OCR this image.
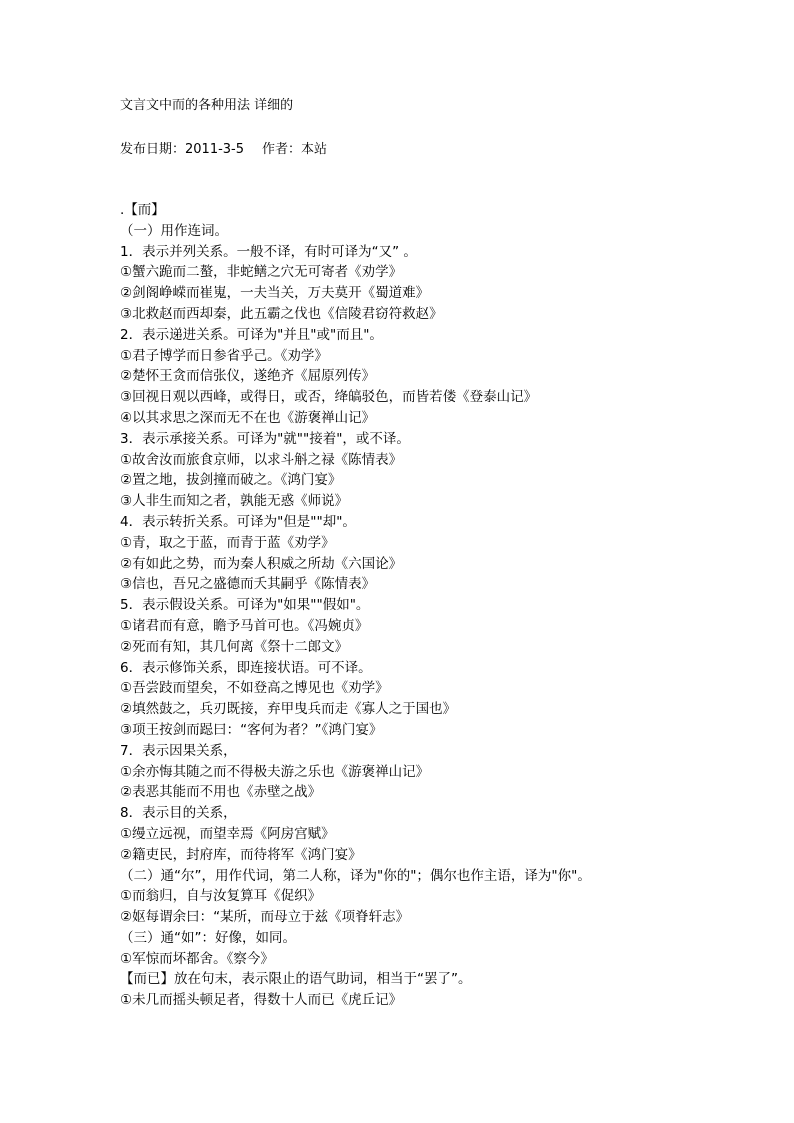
文言文中而的各种用法 详细的
发布日期：2011-3-5 作者：本站
.【而】
（一）用作连词。
1．表示并列关系。一般不译，有时可译为“又” 。
①蟹六跪而二螯，非蛇鳝之穴无可寄者《劝学》
②剑阁峥嵘而崔嵬，一夫当关，万夫莫开《蜀道难》
③北救赵而西却秦，此五霸之伐也《信陵君窃符救赵》
2．表示递进关系。可译为"并且"或"而且"。
①君子博学而日参省乎己。《劝学》
②楚怀王贪而信张仪，遂绝齐《屈原列传》
③回视日观以西峰，或得日，或否，绛皜驳色，而皆若偻《登泰山记》
④以其求思之深而无不在也《游褒禅山记》
3．表示承接关系。可译为"就""接着"，或不译。
①故舍汝而旅食京师，以求斗斛之禄《陈情表》
②置之地，拔剑撞而破之。《鸿门宴》
③人非生而知之者，孰能无惑《师说》
4．表示转折关系。可译为"但是""却"。
①青，取之于蓝，而青于蓝《劝学》
②有如此之势，而为秦人积威之所劫《六国论》
③信也，吾兄之盛德而夭其嗣乎《陈情表》
5．表示假设关系。可译为"如果""假如"。
①诸君而有意，瞻予马首可也。《冯婉贞》
②死而有知，其几何离《祭十二郎文》
6．表示修饰关系，即连接状语。可不译。
①吾尝跂而望矣，不如登高之博见也《劝学》
②填然鼓之，兵刃既接，弃甲曳兵而走《寡人之于国也》
③项王按剑而跽曰：“客何为者？”《鸿门宴》
7．表示因果关系，
①余亦悔其随之而不得极夫游之乐也《游褒禅山记》
②表恶其能而不用也《赤壁之战》
8．表示目的关系，
①缦立远视，而望幸焉《阿房宫赋》
②籍吏民，封府库，而待将军《鸿门宴》
（二）通“尔”，用作代词，第二人称，译为"你的"；偶尔也作主语，译为"你"。
①而翁归，自与汝复算耳《促织》
②妪每谓余曰：“某所，而母立于兹《项脊轩志》
（三）通“如”：好像，如同。
①军惊而坏都舍。《察今》
【而已】放在句末，表示限止的语气助词，相当于“罢了”。
①未几而摇头顿足者，得数十人而已《虎丘记》
